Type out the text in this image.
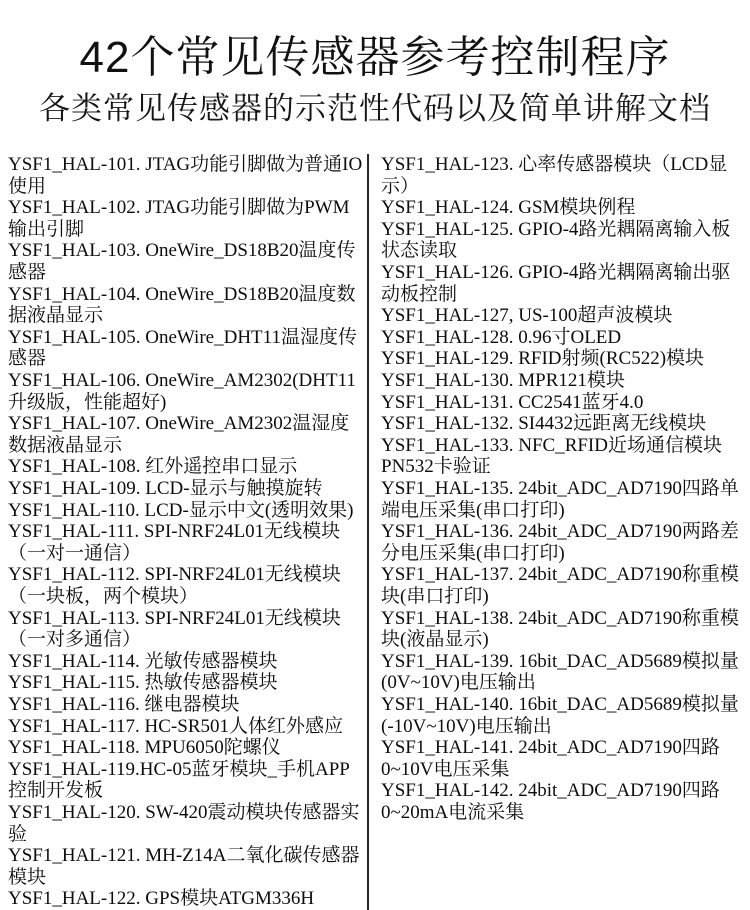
42个常见传感器参考控制程序
各类常见传感器的示范性代码以及简单讲解文档

YSF1_HAL-101. JTAG功能引脚做为普通IO使用

YSF1_HAL-102. JTAG功能引脚做为PWM输出引脚

YSF1_HAL-103. OneWire_DS18B20温度传感器

YSF1_HAL-104. OneWire_DS18B20温度数据液晶显示

YSF1_HAL-105. OneWire_DHT11温湿度传感器

YSF1_HAL-106. OneWire_AM2302(DHT11升级版，性能超好)

YSF1_HAL-107. OneWire_AM2302温湿度数据液晶显示

YSF1_HAL-108. 红外遥控串口显示

YSF1_HAL-109. LCD-显示与触摸旋转

YSF1_HAL-110. LCD-显示中文(透明效果)

YSF1_HAL-111. SPI-NRF24L01无线模块（一对一通信）

YSF1_HAL-112. SPI-NRF24L01无线模块（一块板，两个模块）

YSF1_HAL-113. SPI-NRF24L01无线模块（一对多通信）

YSF1_HAL-114. 光敏传感器模块

YSF1_HAL-115. 热敏传感器模块

YSF1_HAL-116. 继电器模块

YSF1_HAL-117. HC-SR501人体红外感应

YSF1_HAL-118. MPU6050陀螺仪

YSF1_HAL-119.HC-05蓝牙模块_手机APP控制开发板

YSF1_HAL-120. SW-420震动模块传感器实验

YSF1_HAL-121. MH-Z14A二氧化碳传感器模块

YSF1_HAL-122. GPS模块ATGM336H

YSF1_HAL-123. 心率传感器模块（LCD显示）

YSF1_HAL-124. GSM模块例程

YSF1_HAL-125. GPIO-4路光耦隔离输入板状态读取

YSF1_HAL-126. GPIO-4路光耦隔离输出驱动板控制

YSF1_HAL-127, US-100超声波模块

YSF1_HAL-128. 0.96寸OLED

YSF1_HAL-129. RFID射频(RC522)模块

YSF1_HAL-130. MPR121模块

YSF1_HAL-131. CC2541蓝牙4.0

YSF1_HAL-132. SI4432远距离无线模块

YSF1_HAL-133. NFC_RFID近场通信模块PN532卡验证

YSF1_HAL-135. 24bit_ADC_AD7190四路单端电压采集(串口打印)

YSF1_HAL-136. 24bit_ADC_AD7190两路差分电压采集(串口打印)

YSF1_HAL-137. 24bit_ADC_AD7190称重模块(串口打印)

YSF1_HAL-138. 24bit_ADC_AD7190称重模块(液晶显示)

YSF1_HAL-139. 16bit_DAC_AD5689模拟量(0V~10V)电压输出

YSF1_HAL-140. 16bit_DAC_AD5689模拟量(-10V~10V)电压输出

YSF1_HAL-141. 24bit_ADC_AD7190四路0~10V电压采集

YSF1_HAL-142. 24bit_ADC_AD7190四路0~20mA电流采集
